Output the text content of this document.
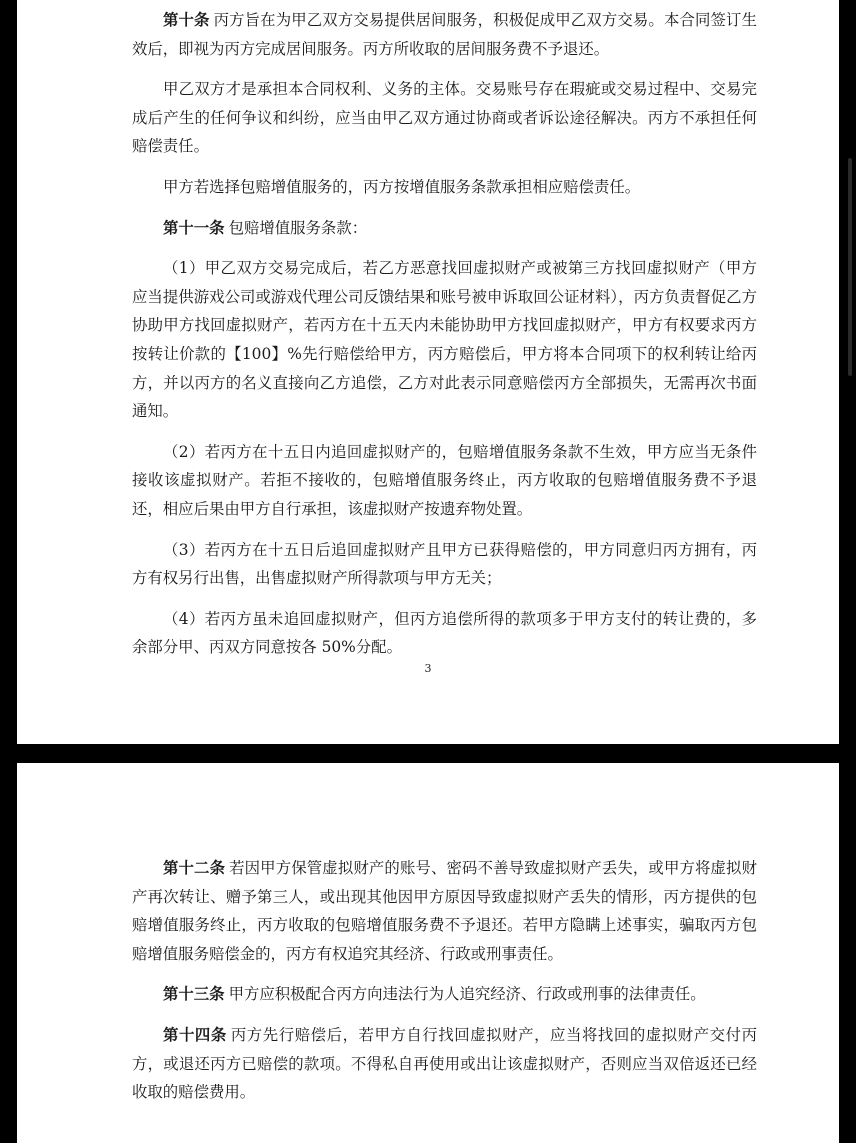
第十条 丙方旨在为甲乙双方交易提供居间服务，积极促成甲乙双方交易。本合同签订生效后，即视为丙方完成居间服务。丙方所收取的居间服务费不予退还。

甲乙双方才是承担本合同权利、义务的主体。交易账号存在瑕疵或交易过程中、交易完成后产生的任何争议和纠纷，应当由甲乙双方通过协商或者诉讼途径解决。丙方不承担任何赔偿责任。

甲方若选择包赔增值服务的，丙方按增值服务条款承担相应赔偿责任。

第十一条 包赔增值服务条款：

（1）甲乙双方交易完成后，若乙方恶意找回虚拟财产或被第三方找回虚拟财产（甲方应当提供游戏公司或游戏代理公司反馈结果和账号被申诉取回公证材料），丙方负责督促乙方协助甲方找回虚拟财产，若丙方在十五天内未能协助甲方找回虚拟财产，甲方有权要求丙方按转让价款的【100】%先行赔偿给甲方，丙方赔偿后，甲方将本合同项下的权利转让给丙方，并以丙方的名义直接向乙方追偿，乙方对此表示同意赔偿丙方全部损失，无需再次书面通知。

（2）若丙方在十五日内追回虚拟财产的，包赔增值服务条款不生效，甲方应当无条件接收该虚拟财产。若拒不接收的，包赔增值服务终止，丙方收取的包赔增值服务费不予退还，相应后果由甲方自行承担，该虚拟财产按遗弃物处置。

（3）若丙方在十五日后追回虚拟财产且甲方已获得赔偿的，甲方同意归丙方拥有，丙方有权另行出售，出售虚拟财产所得款项与甲方无关；

（4）若丙方虽未追回虚拟财产，但丙方追偿所得的款项多于甲方支付的转让费的，多余部分甲、丙双方同意按各 50%分配。

3

第十二条 若因甲方保管虚拟财产的账号、密码不善导致虚拟财产丢失，或甲方将虚拟财产再次转让、赠予第三人，或出现其他因甲方原因导致虚拟财产丢失的情形，丙方提供的包赔增值服务终止，丙方收取的包赔增值服务费不予退还。若甲方隐瞒上述事实，骗取丙方包赔增值服务赔偿金的，丙方有权追究其经济、行政或刑事责任。

第十三条 甲方应积极配合丙方向违法行为人追究经济、行政或刑事的法律责任。

第十四条 丙方先行赔偿后，若甲方自行找回虚拟财产，应当将找回的虚拟财产交付丙方，或退还丙方已赔偿的款项。不得私自再使用或出让该虚拟财产，否则应当双倍返还已经收取的赔偿费用。
